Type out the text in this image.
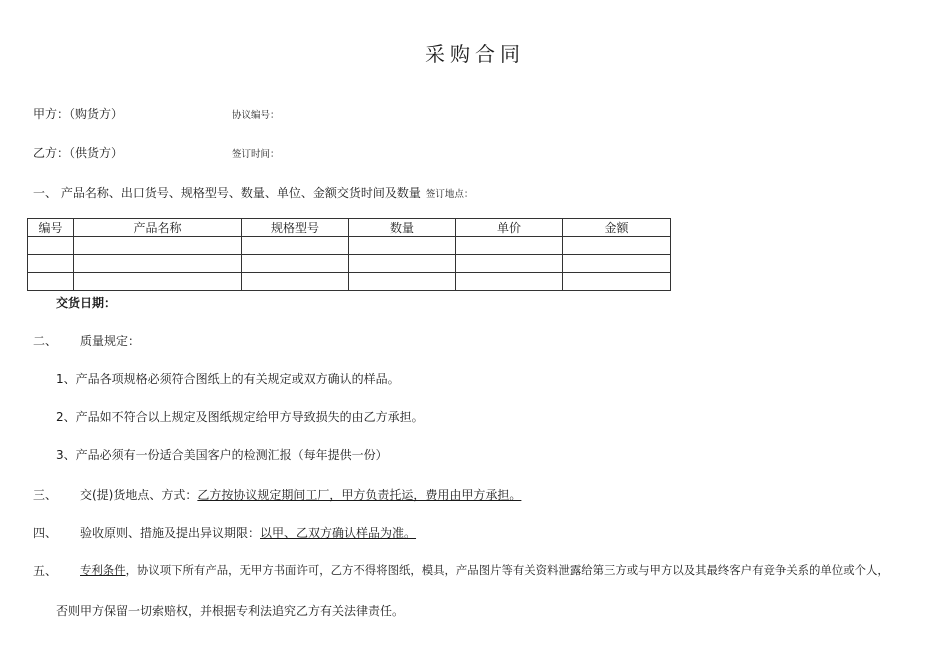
采购合同
甲方：（购货方）	协议编号：
乙方：（供货方）	签订时间：
一、 产品名称、出口货号、规格型号、数量、单位、金额交货时间及数量 签订地点：
编号	产品名称	规格型号	数量	单价	金额

交货日期：
二、 质量规定：
1、产品各项规格必须符合图纸上的有关规定或双方确认的样品。
2、产品如不符合以上规定及图纸规定给甲方导致损失的由乙方承担。
3、产品必须有一份适合美国客户的检测汇报（每年提供一份）
三、 交(提)货地点、方式：乙方按协议规定期间工厂，甲方负责托运，费用由甲方承担。
四、 验收原则、措施及提出异议期限：以甲、乙双方确认样品为准。
五、 专利条件，协议项下所有产品，无甲方书面许可，乙方不得将图纸，模具，产品图片等有关资料泄露给第三方或与甲方以及其最终客户有竞争关系的单位或个人，
否则甲方保留一切索赔权，并根据专利法追究乙方有关法律责任。
